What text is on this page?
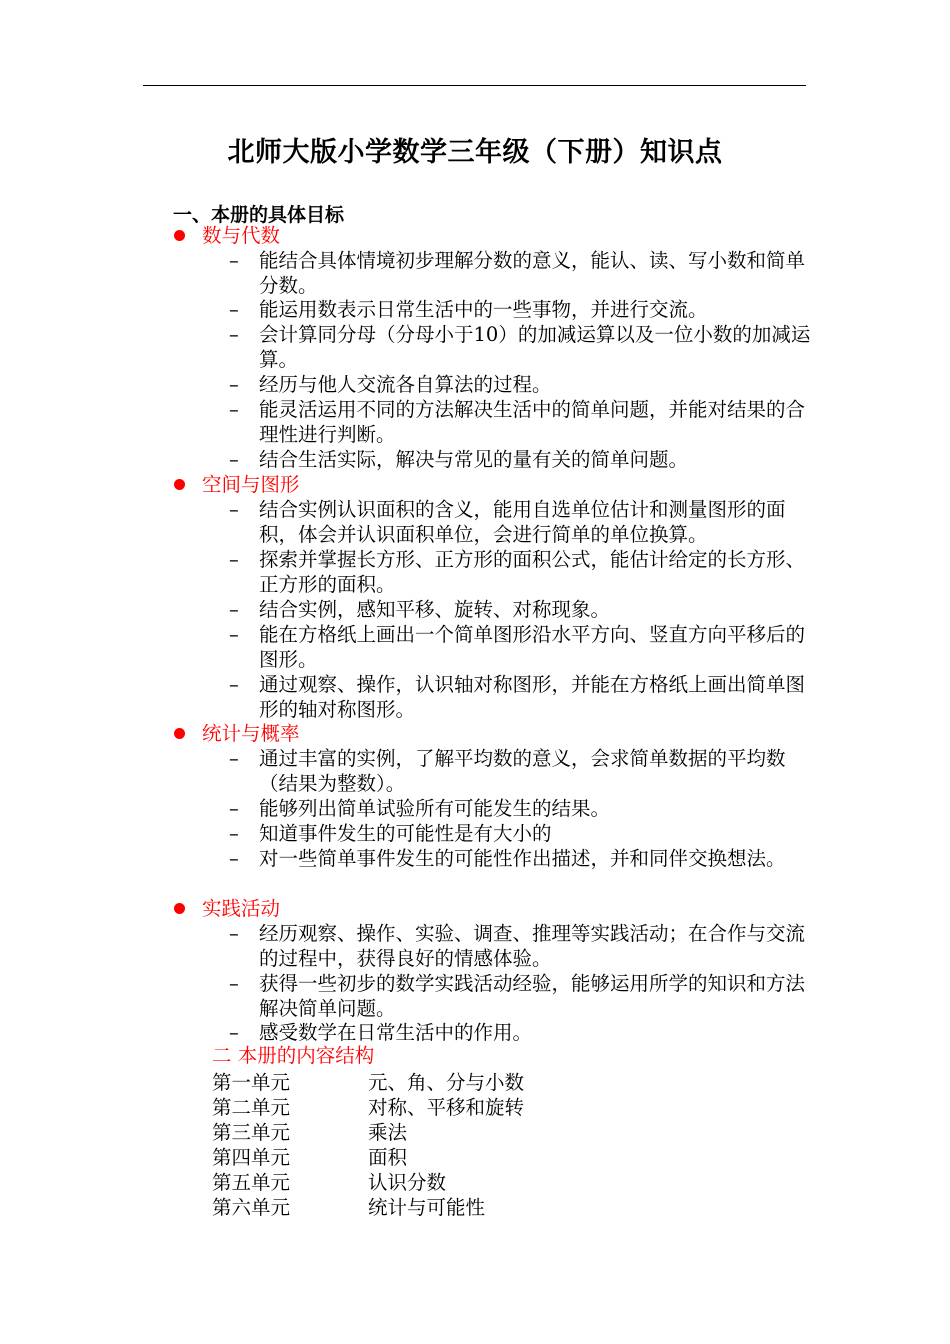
北师大版小学数学三年级（下册）知识点
一、本册的具体目标
数与代数
– 能结合具体情境初步理解分数的意义，能认、读、写小数和简单分数。
– 能运用数表示日常生活中的一些事物，并进行交流。
– 会计算同分母（分母小于10）的加减运算以及一位小数的加减运算。
– 经历与他人交流各自算法的过程。
– 能灵活运用不同的方法解决生活中的简单问题，并能对结果的合理性进行判断。
– 结合生活实际，解决与常见的量有关的简单问题。
空间与图形
– 结合实例认识面积的含义，能用自选单位估计和测量图形的面积，体会并认识面积单位，会进行简单的单位换算。
– 探索并掌握长方形、正方形的面积公式，能估计给定的长方形、正方形的面积。
– 结合实例，感知平移、旋转、对称现象。
– 能在方格纸上画出一个简单图形沿水平方向、竖直方向平移后的图形。
– 通过观察、操作，认识轴对称图形，并能在方格纸上画出简单图形的轴对称图形。
统计与概率
– 通过丰富的实例，了解平均数的意义，会求简单数据的平均数（结果为整数）。
– 能够列出简单试验所有可能发生的结果。
– 知道事件发生的可能性是有大小的
– 对一些简单事件发生的可能性作出描述，并和同伴交换想法。
实践活动
– 经历观察、操作、实验、调查、推理等实践活动；在合作与交流的过程中，获得良好的情感体验。
– 获得一些初步的数学实践活动经验，能够运用所学的知识和方法解决简单问题。
– 感受数学在日常生活中的作用。
二 本册的内容结构
第一单元	元、角、分与小数
第二单元	对称、平移和旋转
第三单元	乘法
第四单元	面积
第五单元	认识分数
第六单元	统计与可能性
